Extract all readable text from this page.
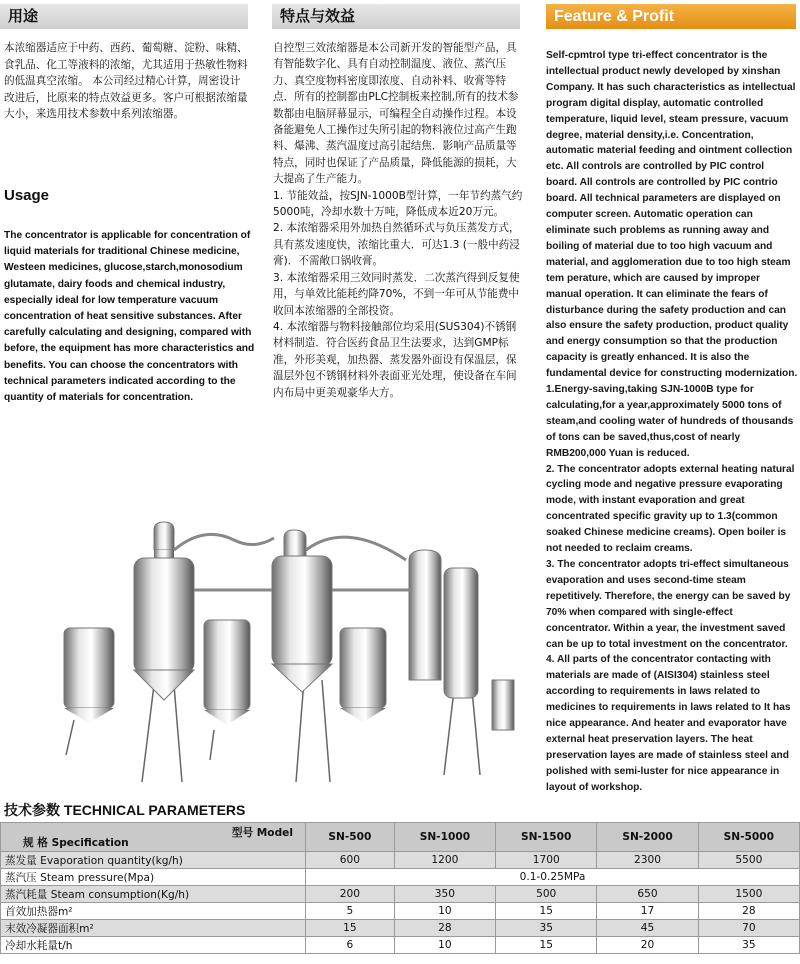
用途	特点与效益	Feature & Profit
本浓缩器适应于中药、西药、葡萄糖、淀粉、味精、食乳品、化工等液料的浓缩，尤其适用于热敏性物料的低温真空浓缩。 本公司经过精心计算，周密设计改进后，比原来的特点效益更多。客户可根据浓缩量大小，来选用技术参数中系列浓缩器。
Usage
The concentrator is applicable for concentration of liquid materials for traditional Chinese medicine, Westeen medicines, glucose,starch,monosodium glutamate, dairy foods and chemical industry, especially ideal for low temperature vacuum concentration of heat sensitive substances. After carefully calculating and designing, compared with before, the equipment has more characteristics and benefits. You can choose the concentrators with technical parameters indicated according to the quantity of materials for concentration.

自控型三效浓缩器是本公司新开发的智能型产品，具有智能数字化、具有自动控制温度、液位、蒸汽压力、真空度物料密度即浓度、自动补料、收膏等特点．所有的控制都由PLC控制板来控制,所有的技术参数都由电脑屏幕显示，可编程全自动操作过程。本设备能避免人工操作过失所引起的物料液位过高产生跑料、爆沸、蒸汽温度过高引起结焦．影响产品质量等特点，同时也保证了产品质量，降低能源的损耗，大大提高了生产能力。

1. 节能效益，按SJN-1000B型计算，一年节约蒸气约5000吨，冷却水数十万吨，降低成本近20万元。

2. 本浓缩器采用外加热自然循环式与负压蒸发方式，具有蒸发速度快，浓缩比重大．可达1.3 (一般中药浸膏)．不需敞口锅收膏。

3. 本浓缩器采用三效同时蒸发．二次蒸汽得到反复使用，与单效比能耗约降70%，不到一年可从节能费中收回本浓缩器的全部投资。

4. 本浓缩器与物料接触部位均采用(SUS304)不锈钢材料制造．符合医药食品卫生法要求，达到GMP标准，外形美观，加热器、蒸发器外面设有保温层，保温层外包不锈钢材料外表面亚光处理，使设备在车间内布局中更美观豪华大方。

Self-cpmtrol type tri-effect concentrator is the intellectual product newly developed by xinshan Company. It has such characteristics as intellectual program digital display, automatic controlled temperature, liquid level, steam pressure, vacuum degree, material density,i.e. Concentration, automatic material feeding and ointment collection etc. All controls are controlled by PIC control board. All controls are controlled by PIC contrio board. All technical parameters are displayed on computer screen. Automatic operation can eliminate such problems as running away and boiling of material due to too high vacuum and material, and agglomeration due to too high steam tem perature, which are caused by improper manual operation. It can eliminate the fears of disturbance during the safety production and can also ensure the safety production, product quality and energy consumption so that the production capacity is greatly enhanced. It is also the fundamental device for constructing modernization.

1.Energy-saving,taking SJN-1000B type for calculating,for a year,approximately 5000 tons of steam,and cooling water of hundreds of thousands of tons can be saved,thus,cost of nearly RMB200,000 Yuan is reduced.

2. The concentrator adopts external heating natural cycling mode and negative pressure evaporating mode, with instant evaporation and great concentrated specific gravity up to 1.3(common soaked Chinese medicine creams). Open boiler is not needed to reclaim creams.

3. The concentrator adopts tri-effect simultaneous evaporation and uses second-time steam repetitively. Therefore, the energy can be saved by 70% when compared with single-effect concentrator. Within a year, the investment saved can be up to total investment on the concentrator.

4. All parts of the concentrator contacting with materials are made of (AISI304) stainless steel according to requirements in laws related to medicines to requirements in laws related to It has nice appearance. And heater and evaporator have external heat preservation layers. The heat preservation layes are made of stainless steel and polished with semi-luster for nice appearance in layout of workshop.

技术参数 TECHNICAL PARAMETERS
型号 Model
规 格 Specification	SN-500	SN-1000	SN-1500	SN-2000	SN-5000
蒸发量 Evaporation quantity(kg/h)	600	1200	1700	2300	5500
蒸汽压 Steam pressure(Mpa)	0.1-0.25MPa				
蒸汽耗量 Steam consumption(Kg/h)	200	350	500	650	1500
首效加热器m²	5	10	15	17	28
末效冷凝器面积m²	15	28	35	45	70
冷却水耗量t/h	6	10	15	20	35
